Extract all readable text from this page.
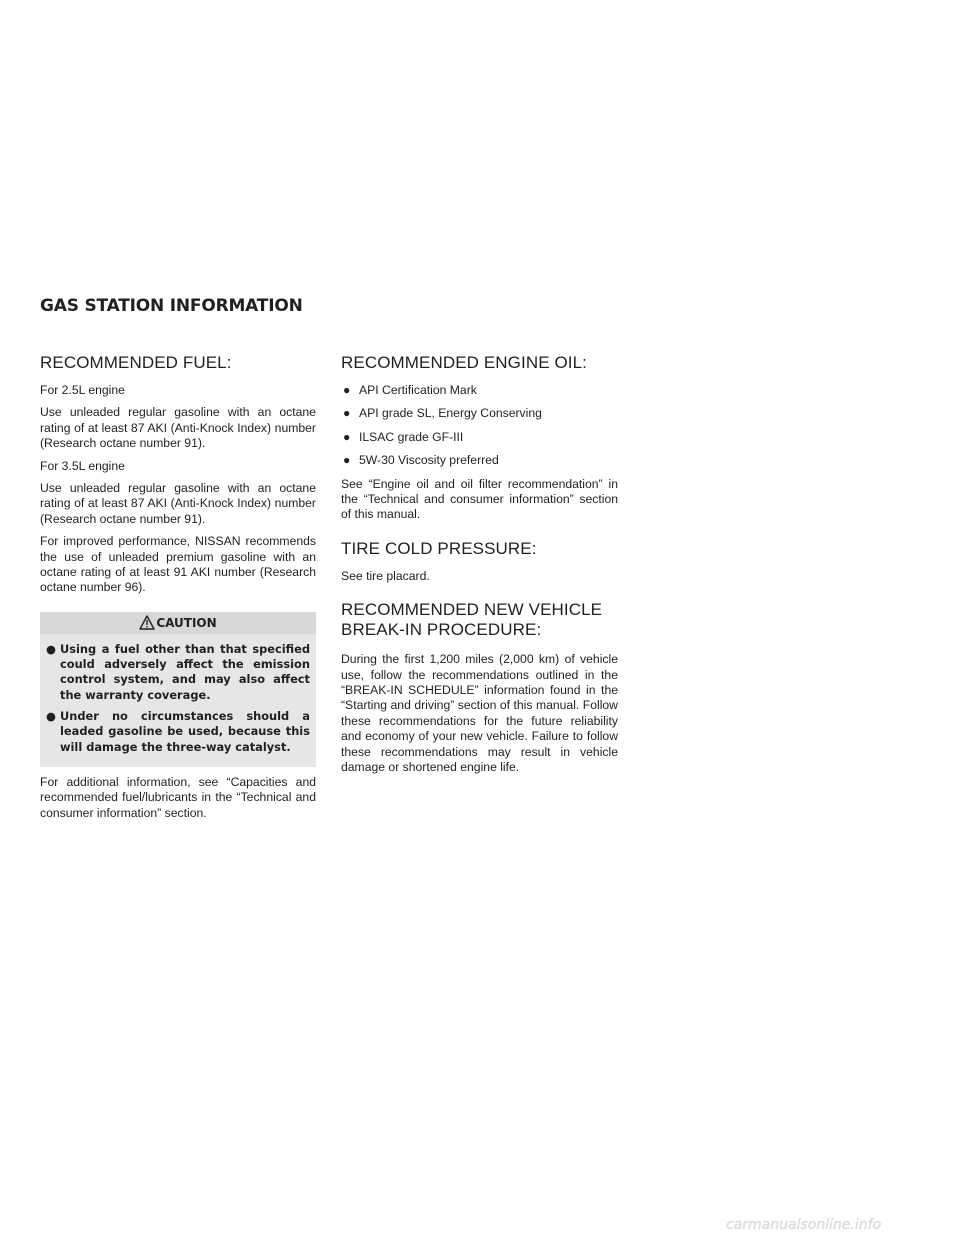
GAS STATION INFORMATION
RECOMMENDED FUEL:

For 2.5L engine

Use unleaded regular gasoline with an octane rating of at least 87 AKI (Anti-Knock Index) number (Research octane number 91).

For 3.5L engine

Use unleaded regular gasoline with an octane rating of at least 87 AKI (Anti-Knock Index) number (Research octane number 91).

For improved performance, NISSAN recommends the use of unleaded premium gasoline with an octane rating of at least 91 AKI number (Research octane number 96).

CAUTION
● Using a fuel other than that specified could adversely affect the emission control system, and may also affect the warranty coverage.
● Under no circumstances should a leaded gasoline be used, because this will damage the three-way catalyst.

For additional information, see “Capacities and recommended fuel/lubricants in the “Technical and consumer information” section.

RECOMMENDED ENGINE OIL:
● API Certification Mark
● API grade SL, Energy Conserving
● ILSAC grade GF-III
● 5W-30 Viscosity preferred

See “Engine oil and oil filter recommendation” in the “Technical and consumer information” section of this manual.

TIRE COLD PRESSURE:

See tire placard.

RECOMMENDED NEW VEHICLE
BREAK-IN PROCEDURE:

During the first 1,200 miles (2,000 km) of vehicle use, follow the recommendations outlined in the “BREAK-IN SCHEDULE” information found in the “Starting and driving” section of this manual. Follow these recommendations for the future reliability and economy of your new vehicle. Failure to follow these recommendations may result in vehicle damage or shortened engine life.

carmanualsonline.info
